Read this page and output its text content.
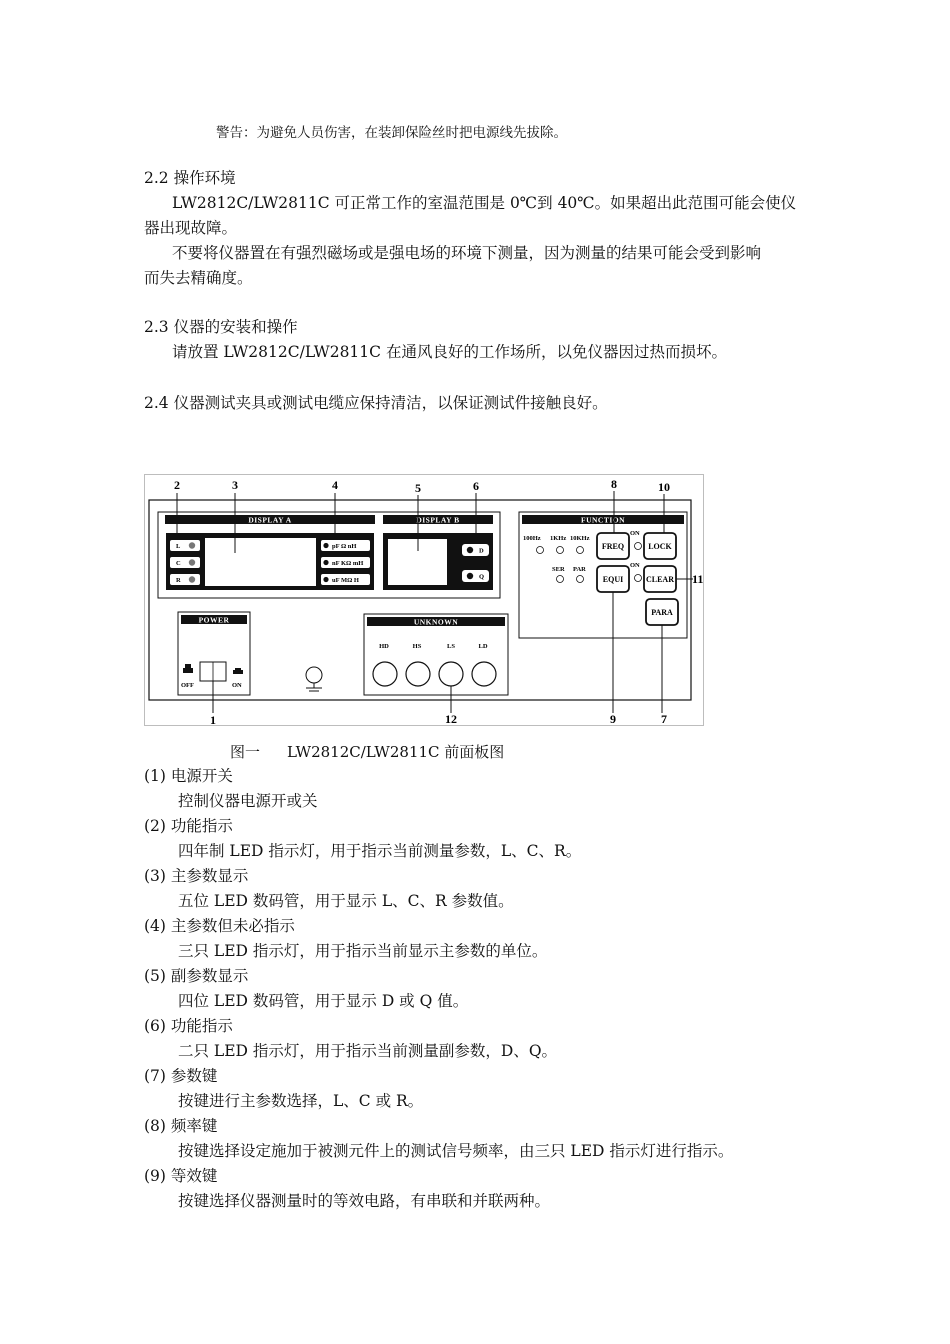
警告：为避免人员伤害，在装卸保险丝时把电源线先拔除。
2.2 操作环境
LW2812C/LW2811C 可正常工作的室温范围是 0℃到 40℃。如果超出此范围可能会使仪
器出现故障。
不要将仪器置在有强烈磁场或是强电场的环境下测量，因为测量的结果可能会受到影响
而失去精确度。
2.3 仪器的安装和操作
请放置 LW2812C/LW2811C 在通风良好的工作场所，以免仪器因过热而损坏。
2.4 仪器测试夹具或测试电缆应保持清洁，以保证测试件接触良好。
DISPLAY A	DISPLAY B
L
C
R
pF Ω nH
nF KΩ mH
uF MΩ H
D
Q
FUNCTION
100Hz 1KHz 10KHz
SER PAR
FREQ
ON
LOCK
EQUI
ON
CLEAR
PARA
POWER
OFF	ON
UNKNOWN
HD	HS	LS	LD
2	3	4	5	6	8	10
11
9	7
1	12
图一 LW2812C/LW2811C 前面板图
(1) 电源开关
控制仪器电源开或关
(2) 功能指示
四年制 LED 指示灯，用于指示当前测量参数，L、C、R。
(3) 主参数显示
五位 LED 数码管，用于显示 L、C、R 参数值。
(4) 主参数但未必指示
三只 LED 指示灯，用于指示当前显示主参数的单位。
(5) 副参数显示
四位 LED 数码管，用于显示 D 或 Q 值。
(6) 功能指示
二只 LED 指示灯，用于指示当前测量副参数，D、Q。
(7) 参数键
按键进行主参数选择，L、C 或 R。
(8) 频率键
按键选择设定施加于被测元件上的测试信号频率，由三只 LED 指示灯进行指示。
(9) 等效键
按键选择仪器测量时的等效电路，有串联和并联两种。
